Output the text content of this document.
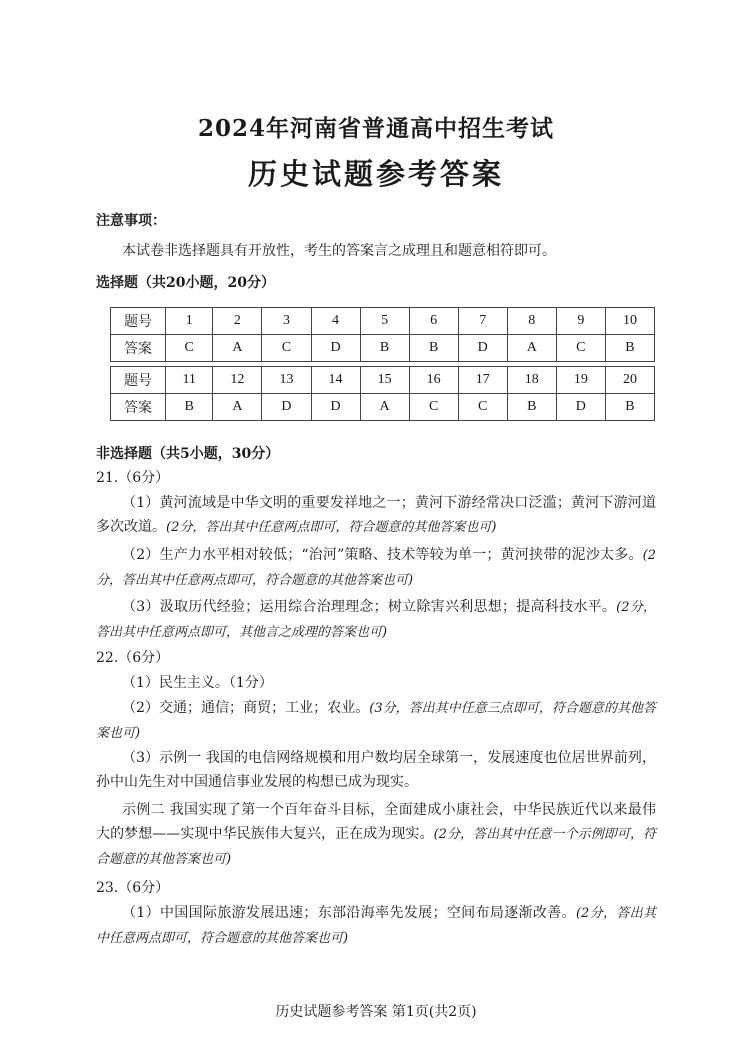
2024年河南省普通高中招生考试
历史试题参考答案
注意事项：
本试卷非选择题具有开放性，考生的答案言之成理且和题意相符即可。
选择题（共20小题，20分）
题号	1	2	3	4	5	6	7	8	9	10
答案	C	A	C	D	B	B	D	A	C	B

题号	11	12	13	14	15	16	17	18	19	20
答案	B	A	D	D	A	C	C	B	D	B
非选择题（共5小题，30分）
21.（6分）
（1）黄河流域是中华文明的重要发祥地之一；黄河下游经常决口泛滥；黄河下游河道多次改道。(2分，答出其中任意两点即可，符合题意的其他答案也可)
（2）生产力水平相对较低；“治河”策略、技术等较为单一；黄河挟带的泥沙太多。(2分，答出其中任意两点即可，符合题意的其他答案也可)
（3）汲取历代经验；运用综合治理理念；树立除害兴利思想；提高科技水平。(2分，答出其中任意两点即可，其他言之成理的答案也可)
22.（6分）
（1）民生主义。（1分）
（2）交通；通信；商贸；工业；农业。(3分，答出其中任意三点即可，符合题意的其他答案也可)
（3）示例一 我国的电信网络规模和用户数均居全球第一，发展速度也位居世界前列，孙中山先生对中国通信事业发展的构想已成为现实。
示例二 我国实现了第一个百年奋斗目标，全面建成小康社会，中华民族近代以来最伟大的梦想——实现中华民族伟大复兴，正在成为现实。(2分，答出其中任意一个示例即可，符合题意的其他答案也可)
23.（6分）
（1）中国国际旅游发展迅速；东部沿海率先发展；空间布局逐渐改善。(2分，答出其中任意两点即可，符合题意的其他答案也可)
历史试题参考答案 第1页(共2页)
